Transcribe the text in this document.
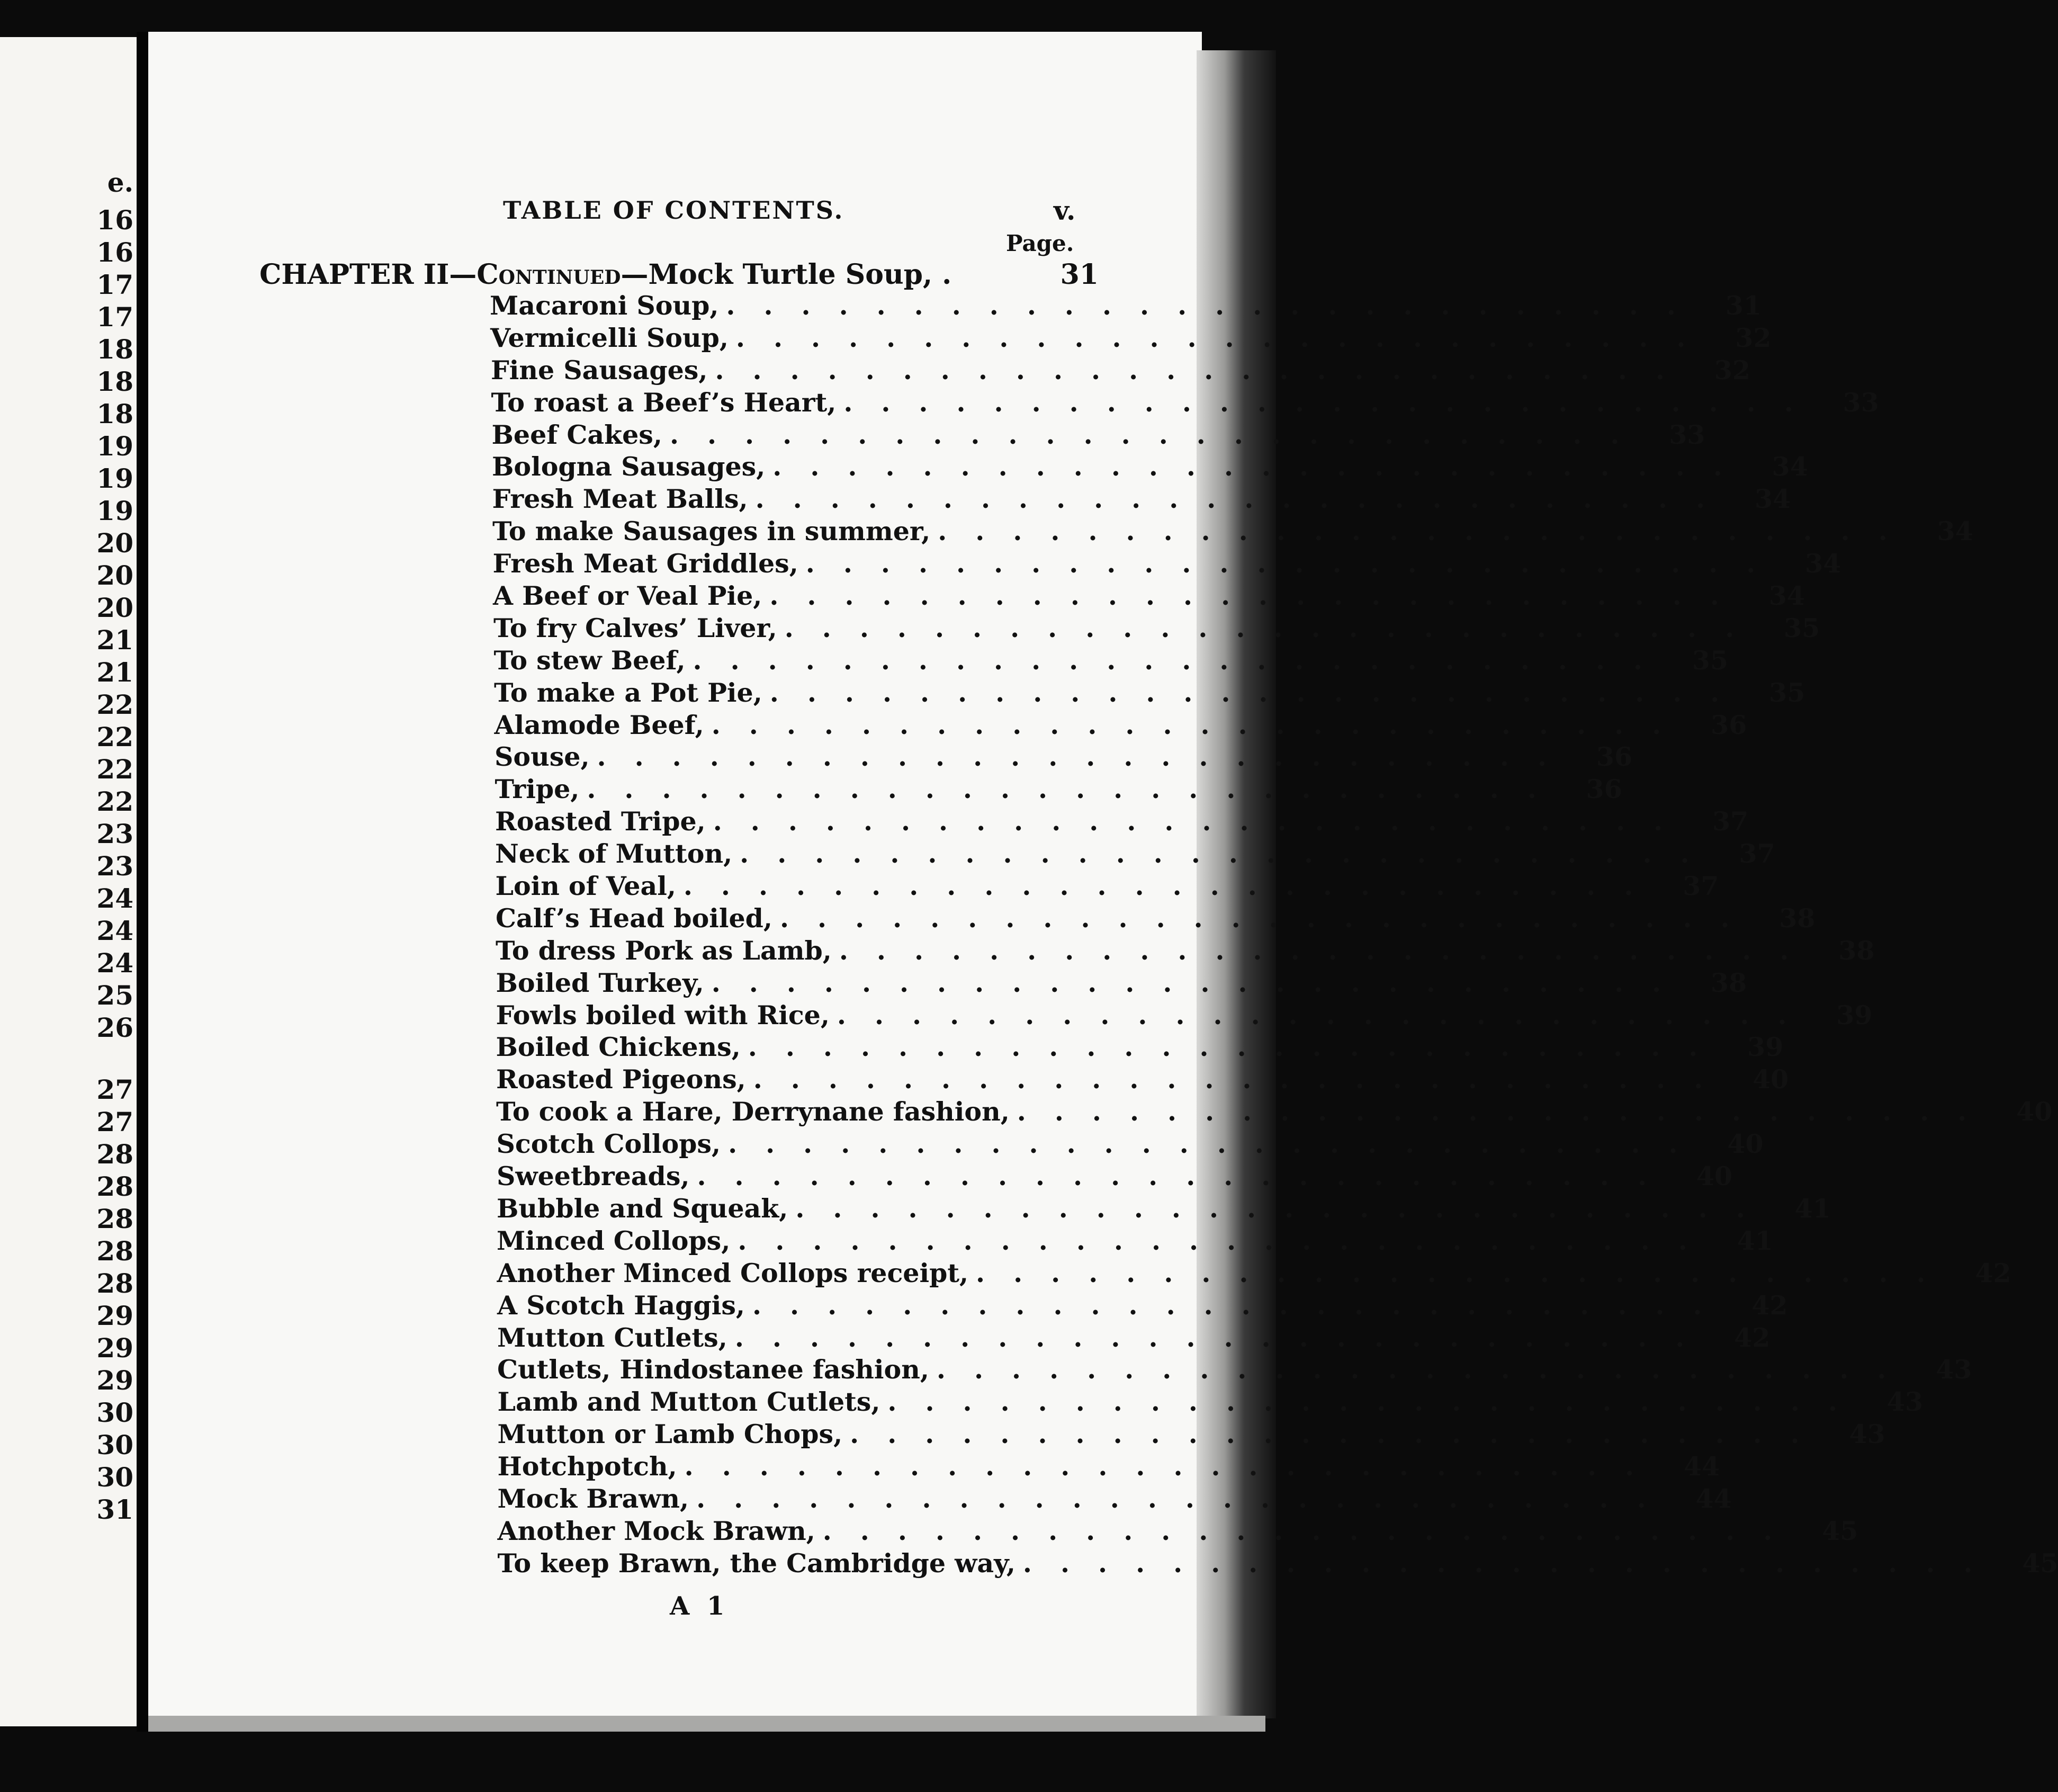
e.
16
16
17
17
18
18
18
19
19
19
20
20
20
21
21
22
22
22
22
23
23
24
24
24
25
26
27
27
28
28
28
28
28
29
29
29
30
30
30
31
TABLE OF CONTENTS.	v.
Page.
CHAPTER II—Continued—Mock Turtle Soup, .	31
Macaroni Soup, .......................... 31
Vermicelli Soup, .......................... 32
Fine Sausages, .......................... 32
To roast a Beef’s Heart, .......................... 33
Beef Cakes, .......................... 33
Bologna Sausages, .......................... 34
Fresh Meat Balls, .......................... 34
To make Sausages in summer, .......................... 34
Fresh Meat Griddles, .......................... 34
A Beef or Veal Pie, .......................... 34
To fry Calves’ Liver, .......................... 35
To stew Beef, .......................... 35
To make a Pot Pie, .......................... 35
Alamode Beef, .......................... 36
Souse, .......................... 36
Tripe, .......................... 36
Roasted Tripe, .......................... 37
Neck of Mutton, .......................... 37
Loin of Veal, .......................... 37
Calf’s Head boiled, .......................... 38
To dress Pork as Lamb, .......................... 38
Boiled Turkey, .......................... 38
Fowls boiled with Rice, .......................... 39
Boiled Chickens, .......................... 39
Roasted Pigeons, .......................... 40
To cook a Hare, Derrynane fashion, .......................... 40
Scotch Collops, .......................... 40
Sweetbreads, .......................... 40
Bubble and Squeak, .......................... 41
Minced Collops, .......................... 41
Another Minced Collops receipt, .......................... 42
A Scotch Haggis, .......................... 42
Mutton Cutlets, .......................... 42
Cutlets, Hindostanee fashion, .......................... 43
Lamb and Mutton Cutlets, .......................... 43
Mutton or Lamb Chops, .......................... 43
Hotchpotch, .......................... 44
Mock Brawn, .......................... 44
Another Mock Brawn, .......................... 45
To keep Brawn, the Cambridge way, .......................... 45
A 1
